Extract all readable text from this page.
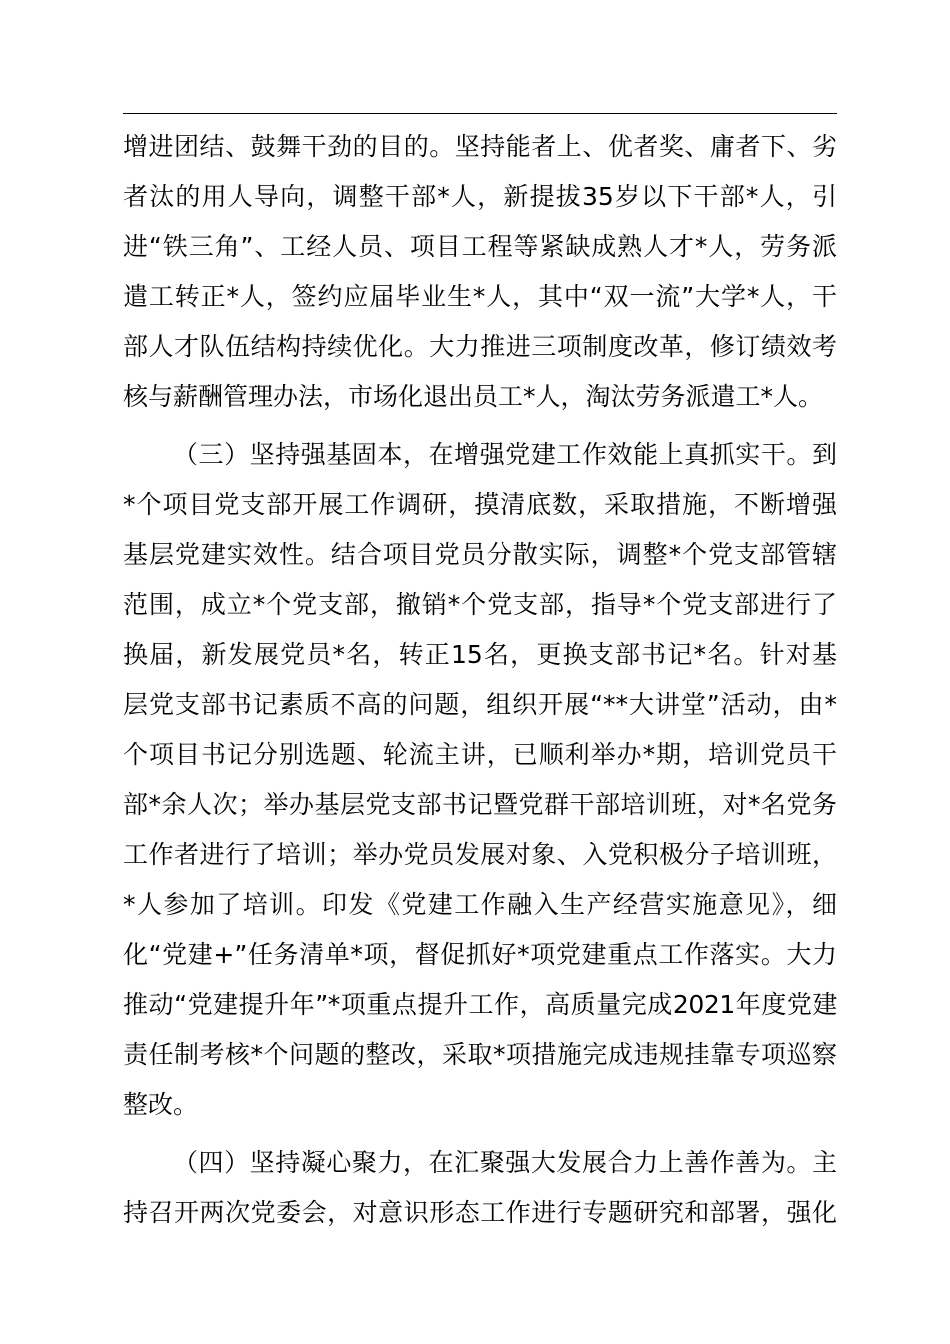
增进团结、鼓舞干劲的目的。坚持能者上、优者奖、庸者下、劣
者汰的用人导向，调整干部*人，新提拔35岁以下干部*人，引
进“铁三角”、工经人员、项目工程等紧缺成熟人才*人，劳务派
遣工转正*人，签约应届毕业生*人，其中“双一流”大学*人，干
部人才队伍结构持续优化。大力推进三项制度改革，修订绩效考
核与薪酬管理办法，市场化退出员工*人，淘汰劳务派遣工*人。
（三）坚持强基固本，在增强党建工作效能上真抓实干。到
*个项目党支部开展工作调研，摸清底数，采取措施，不断增强
基层党建实效性。结合项目党员分散实际，调整*个党支部管辖
范围，成立*个党支部，撤销*个党支部，指导*个党支部进行了
换届，新发展党员*名，转正15名，更换支部书记*名。针对基
层党支部书记素质不高的问题，组织开展“**大讲堂”活动，由*
个项目书记分别选题、轮流主讲，已顺利举办*期，培训党员干
部*余人次；举办基层党支部书记暨党群干部培训班，对*名党务
工作者进行了培训；举办党员发展对象、入党积极分子培训班，
*人参加了培训。印发《党建工作融入生产经营实施意见》，细
化“党建+”任务清单*项，督促抓好*项党建重点工作落实。大力
推动“党建提升年”*项重点提升工作，高质量完成2021年度党建
责任制考核*个问题的整改，采取*项措施完成违规挂靠专项巡察
整改。
（四）坚持凝心聚力，在汇聚强大发展合力上善作善为。主
持召开两次党委会，对意识形态工作进行专题研究和部署，强化
